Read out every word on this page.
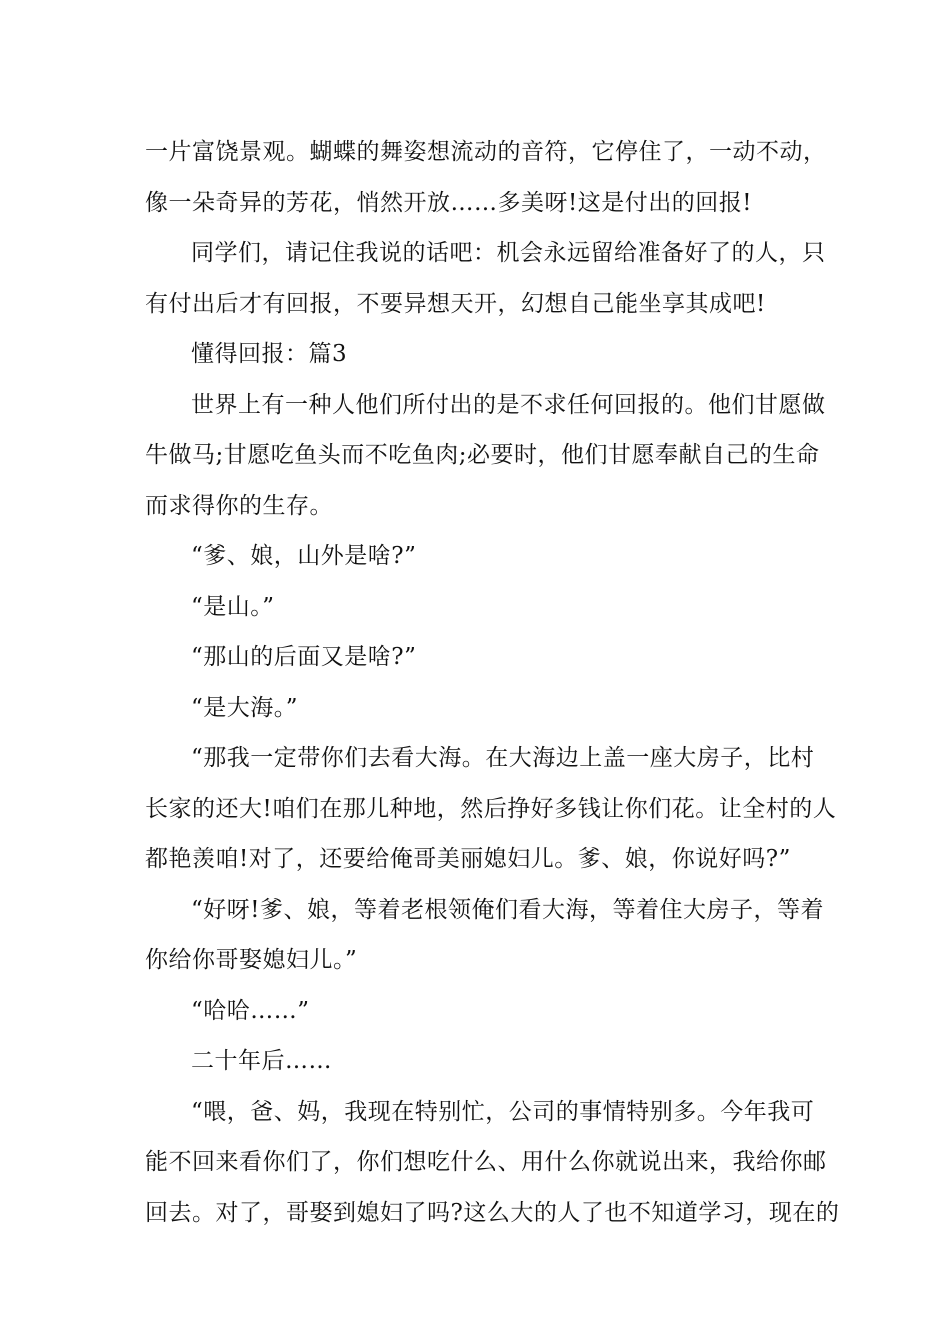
一片富饶景观。蝴蝶的舞姿想流动的音符，它停住了，一动不动，
像一朵奇异的芳花，悄然开放……多美呀!这是付出的回报!
同学们，请记住我说的话吧：机会永远留给准备好了的人，只
有付出后才有回报，不要异想天开，幻想自己能坐享其成吧!
懂得回报：篇3
世界上有一种人他们所付出的是不求任何回报的。他们甘愿做
牛做马;甘愿吃鱼头而不吃鱼肉;必要时，他们甘愿奉献自己的生命
而求得你的生存。
“爹、娘，山外是啥?”
“是山。”
“那山的后面又是啥?”
“是大海。”
“那我一定带你们去看大海。在大海边上盖一座大房子，比村
长家的还大!咱们在那儿种地，然后挣好多钱让你们花。让全村的人
都艳羡咱!对了，还要给俺哥美丽媳妇儿。爹、娘，你说好吗?”
“好呀!爹、娘，等着老根领俺们看大海，等着住大房子，等着
你给你哥娶媳妇儿。”
“哈哈……”
二十年后……
“喂，爸、妈，我现在特别忙，公司的事情特别多。今年我可
能不回来看你们了，你们想吃什么、用什么你就说出来，我给你邮
回去。对了，哥娶到媳妇了吗?这么大的人了也不知道学习，现在的
